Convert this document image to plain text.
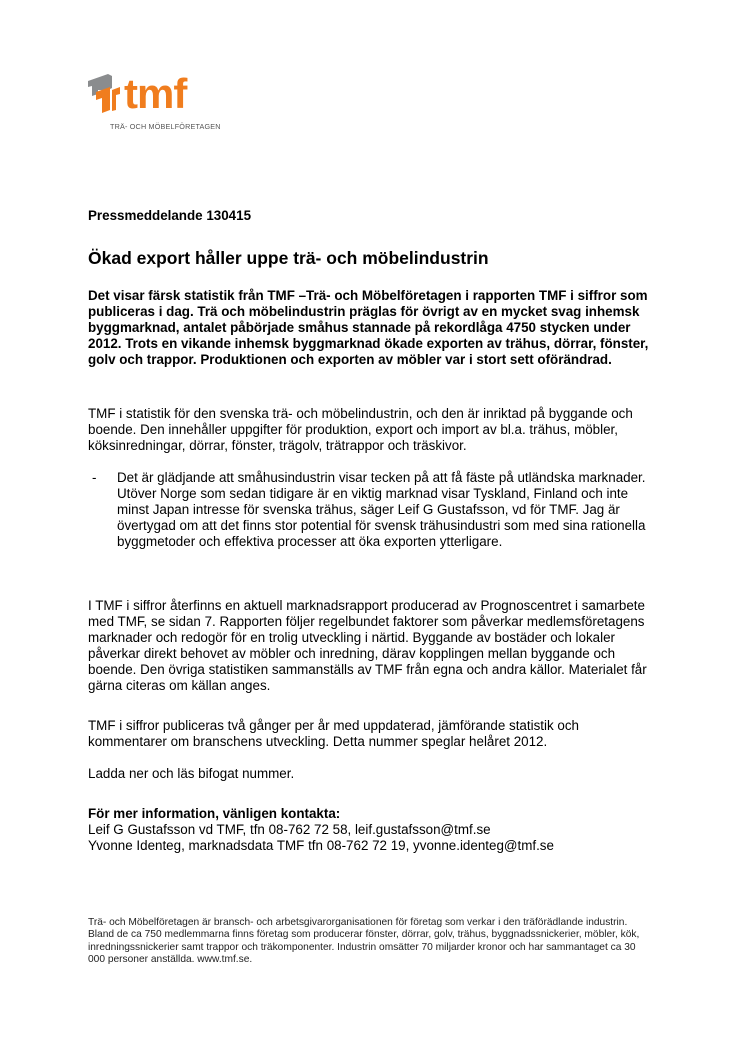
tmf
TRÄ- OCH MÖBELFÖRETAGEN
Pressmeddelande 130415
Ökad export håller uppe trä- och möbelindustrin

Det visar färsk statistik från TMF –Trä- och Möbelföretagen i rapporten TMF i siffror som publiceras i dag. Trä och möbelindustrin präglas för övrigt av en mycket svag inhemsk byggmarknad, antalet påbörjade småhus stannade på rekordlåga 4750 stycken under 2012. Trots en vikande inhemsk byggmarknad ökade exporten av trähus, dörrar, fönster, golv och trappor. Produktionen och exporten av möbler var i stort sett oförändrad.

TMF i statistik för den svenska trä- och möbelindustrin, och den är inriktad på byggande och boende. Den innehåller uppgifter för produktion, export och import av bl.a. trähus, möbler, köksinredningar, dörrar, fönster, trägolv, trätrappor och träskivor.

- Det är glädjande att småhusindustrin visar tecken på att få fäste på utländska marknader. Utöver Norge som sedan tidigare är en viktig marknad visar Tyskland, Finland och inte minst Japan intresse för svenska trähus, säger Leif G Gustafsson, vd för TMF. Jag är övertygad om att det finns stor potential för svensk trähusindustri som med sina rationella byggmetoder och effektiva processer att öka exporten ytterligare.

I TMF i siffror återfinns en aktuell marknadsrapport producerad av Prognoscentret i samarbete med TMF, se sidan 7. Rapporten följer regelbundet faktorer som påverkar medlemsföretagens marknader och redogör för en trolig utveckling i närtid. Byggande av bostäder och lokaler påverkar direkt behovet av möbler och inredning, därav kopplingen mellan byggande och boende. Den övriga statistiken sammanställs av TMF från egna och andra källor. Materialet får gärna citeras om källan anges.

TMF i siffror publiceras två gånger per år med uppdaterad, jämförande statistik och kommentarer om branschens utveckling. Detta nummer speglar helåret 2012.

Ladda ner och läs bifogat nummer.

För mer information, vänligen kontakta:
Leif G Gustafsson vd TMF, tfn 08-762 72 58, leif.gustafsson@tmf.se
Yvonne Identeg, marknadsdata TMF tfn 08-762 72 19, yvonne.identeg@tmf.se

Trä- och Möbelföretagen är bransch- och arbetsgivarorganisationen för företag som verkar i den träförädlande industrin. Bland de ca 750 medlemmarna finns företag som producerar fönster, dörrar, golv, trähus, byggnadssnickerier, möbler, kök, inredningssnickerier samt trappor och träkomponenter. Industrin omsätter 70 miljarder kronor och har sammantaget ca 30 000 personer anställda. www.tmf.se.
